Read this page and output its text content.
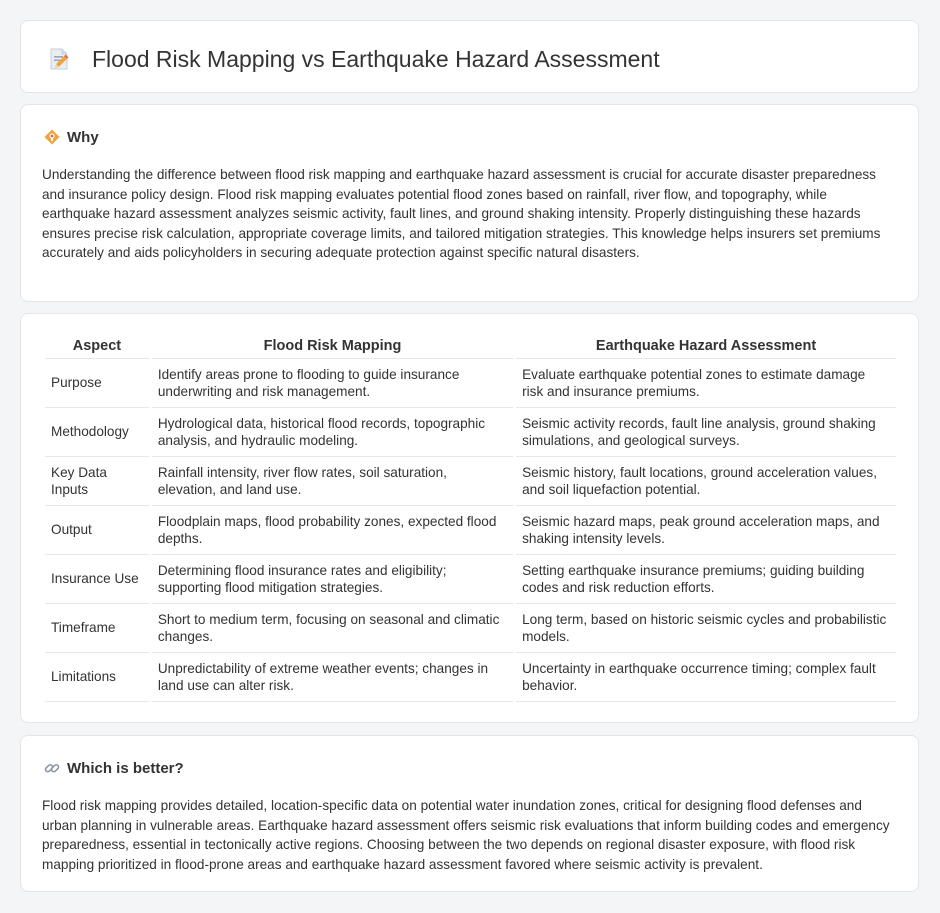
Flood Risk Mapping vs Earthquake Hazard Assessment
Why

Understanding the difference between flood risk mapping and earthquake hazard assessment is crucial for accurate disaster preparedness and insurance policy design. Flood risk mapping evaluates potential flood zones based on rainfall, river flow, and topography, while earthquake hazard assessment analyzes seismic activity, fault lines, and ground shaking intensity. Properly distinguishing these hazards ensures precise risk calculation, appropriate coverage limits, and tailored mitigation strategies. This knowledge helps insurers set premiums accurately and aids policyholders in securing adequate protection against specific natural disasters.

Aspect	Flood Risk Mapping	Earthquake Hazard Assessment
Purpose	Identify areas prone to flooding to guide insurance underwriting and risk management.	Evaluate earthquake potential zones to estimate damage risk and insurance premiums.
Methodology	Hydrological data, historical flood records, topographic analysis, and hydraulic modeling.	Seismic activity records, fault line analysis, ground shaking simulations, and geological surveys.
Key Data Inputs	Rainfall intensity, river flow rates, soil saturation, elevation, and land use.	Seismic history, fault locations, ground acceleration values, and soil liquefaction potential.
Output	Floodplain maps, flood probability zones, expected flood depths.	Seismic hazard maps, peak ground acceleration maps, and shaking intensity levels.
Insurance Use	Determining flood insurance rates and eligibility; supporting flood mitigation strategies.	Setting earthquake insurance premiums; guiding building codes and risk reduction efforts.
Timeframe	Short to medium term, focusing on seasonal and climatic changes.	Long term, based on historic seismic cycles and probabilistic models.
Limitations	Unpredictability of extreme weather events; changes in land use can alter risk.	Uncertainty in earthquake occurrence timing; complex fault behavior.
Which is better?

Flood risk mapping provides detailed, location-specific data on potential water inundation zones, critical for designing flood defenses and urban planning in vulnerable areas. Earthquake hazard assessment offers seismic risk evaluations that inform building codes and emergency preparedness, essential in tectonically active regions. Choosing between the two depends on regional disaster exposure, with flood risk mapping prioritized in flood-prone areas and earthquake hazard assessment favored where seismic activity is prevalent.
